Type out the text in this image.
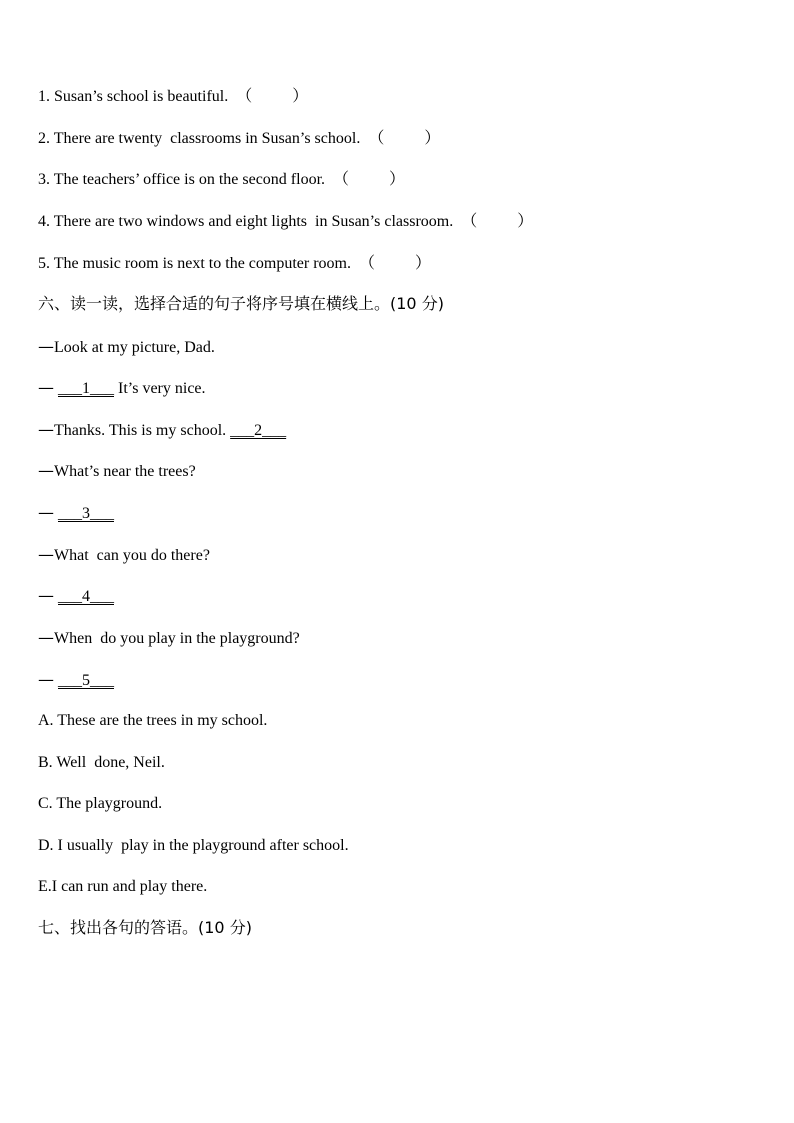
1. Susan’s school is beautiful. （          ）
2. There are twenty  classrooms in Susan’s school. （          ）
3. The teachers’ office is on the second floor. （          ）
4. There are two windows and eight lights  in Susan’s classroom. （          ）
5. The music room is next to the computer room. （          ）
六、读一读，选择合适的句子将序号填在横线上。(10 分)
—Look at my picture, Dad.
— ___1___ It’s very nice.
—Thanks. This is my school. ___2___
—What’s near the trees?
— ___3___
—What  can you do there?
— ___4___
—When  do you play in the playground?
— ___5___
A. These are the trees in my school.
B. Well  done, Neil.
C. The playground.
D. I usually  play in the playground after school.
E.I can run and play there.
七、找出各句的答语。(10 分)
